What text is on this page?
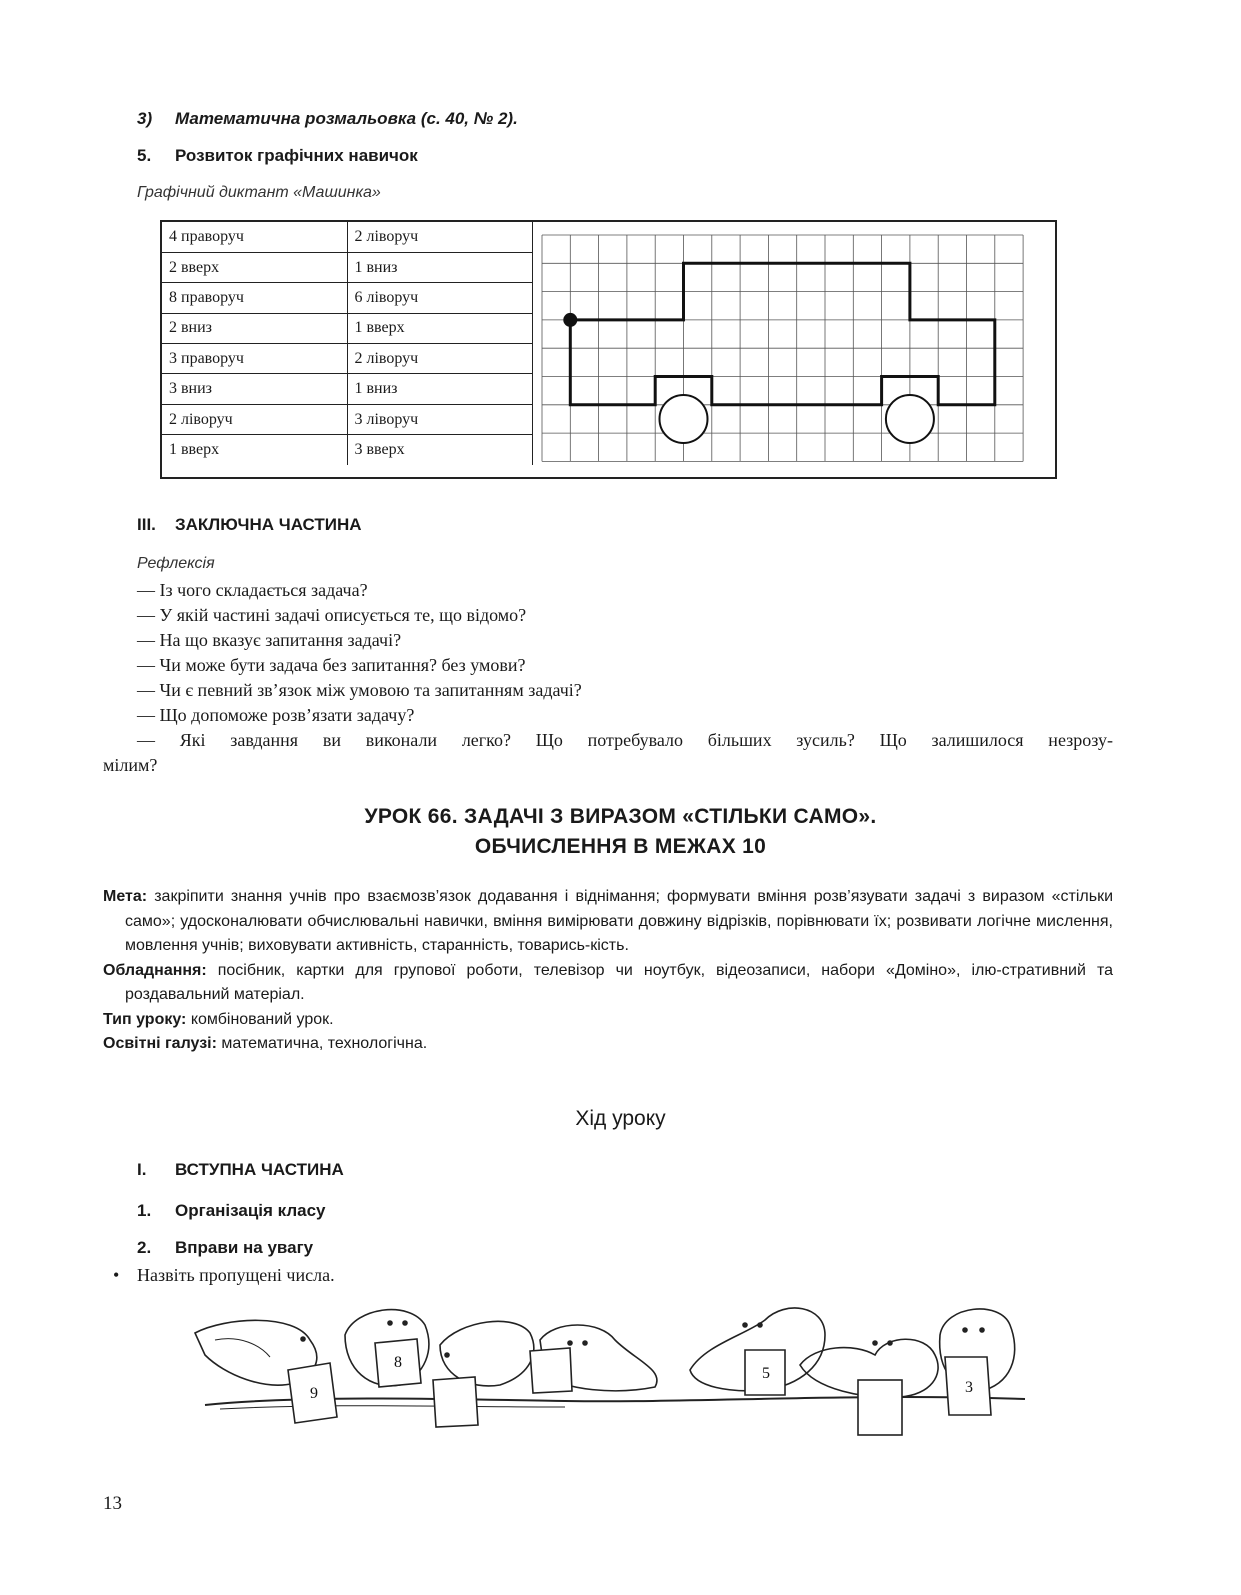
3) Математична розмальовка (с. 40, № 2).
5. Розвиток графічних навичок
Графічний диктант «Машинка»
4 праворуч	2 ліворуч
2 вверх	1 вниз
8 праворуч	6 ліворуч
2 вниз	1 вверх
3 праворуч	2 ліворуч
3 вниз	1 вниз
2 ліворуч	3 ліворуч
1 вверх	3 вверх
III. ЗАКЛЮЧНА ЧАСТИНА
Рефлексія
— Із чого складається задача?
— У якій частині задачі описується те, що відомо?
— На що вказує запитання задачі?
— Чи може бути задача без запитання? без умови?
— Чи є певний зв’язок між умовою та запитанням задачі?
— Що допоможе розв’язати задачу?
— Які завдання ви виконали легко? Що потребувало більших зусиль? Що залишилося незрозу-
мілим?
УРОК 66. ЗАДАЧІ З ВИРАЗОМ «СТІЛЬКИ САМО».
ОБЧИСЛЕННЯ В МЕЖАХ 10
Мета: закріпити знання учнів про взаємозв’язок додавання і віднімання; формувати вміння розв’язувати задачі з виразом «стільки само»; удосконалювати обчислювальні навички, вміння вимірювати довжину відрізків, порівнювати їх; розвивати логічне мислення, мовлення учнів; виховувати активність, старанність, товарись-кість.
Обладнання: посібник, картки для групової роботи, телевізор чи ноутбук, відеозаписи, набори «Доміно», ілю-стративний та роздавальний матеріал.
Тип уроку: комбінований урок.
Освітні галузі: математична, технологічна.
Хід уроку
I. ВСТУПНА ЧАСТИНА
1. Організація класу
2. Вправи на увагу
• Назвіть пропущені числа.
9
8
5
3
13
